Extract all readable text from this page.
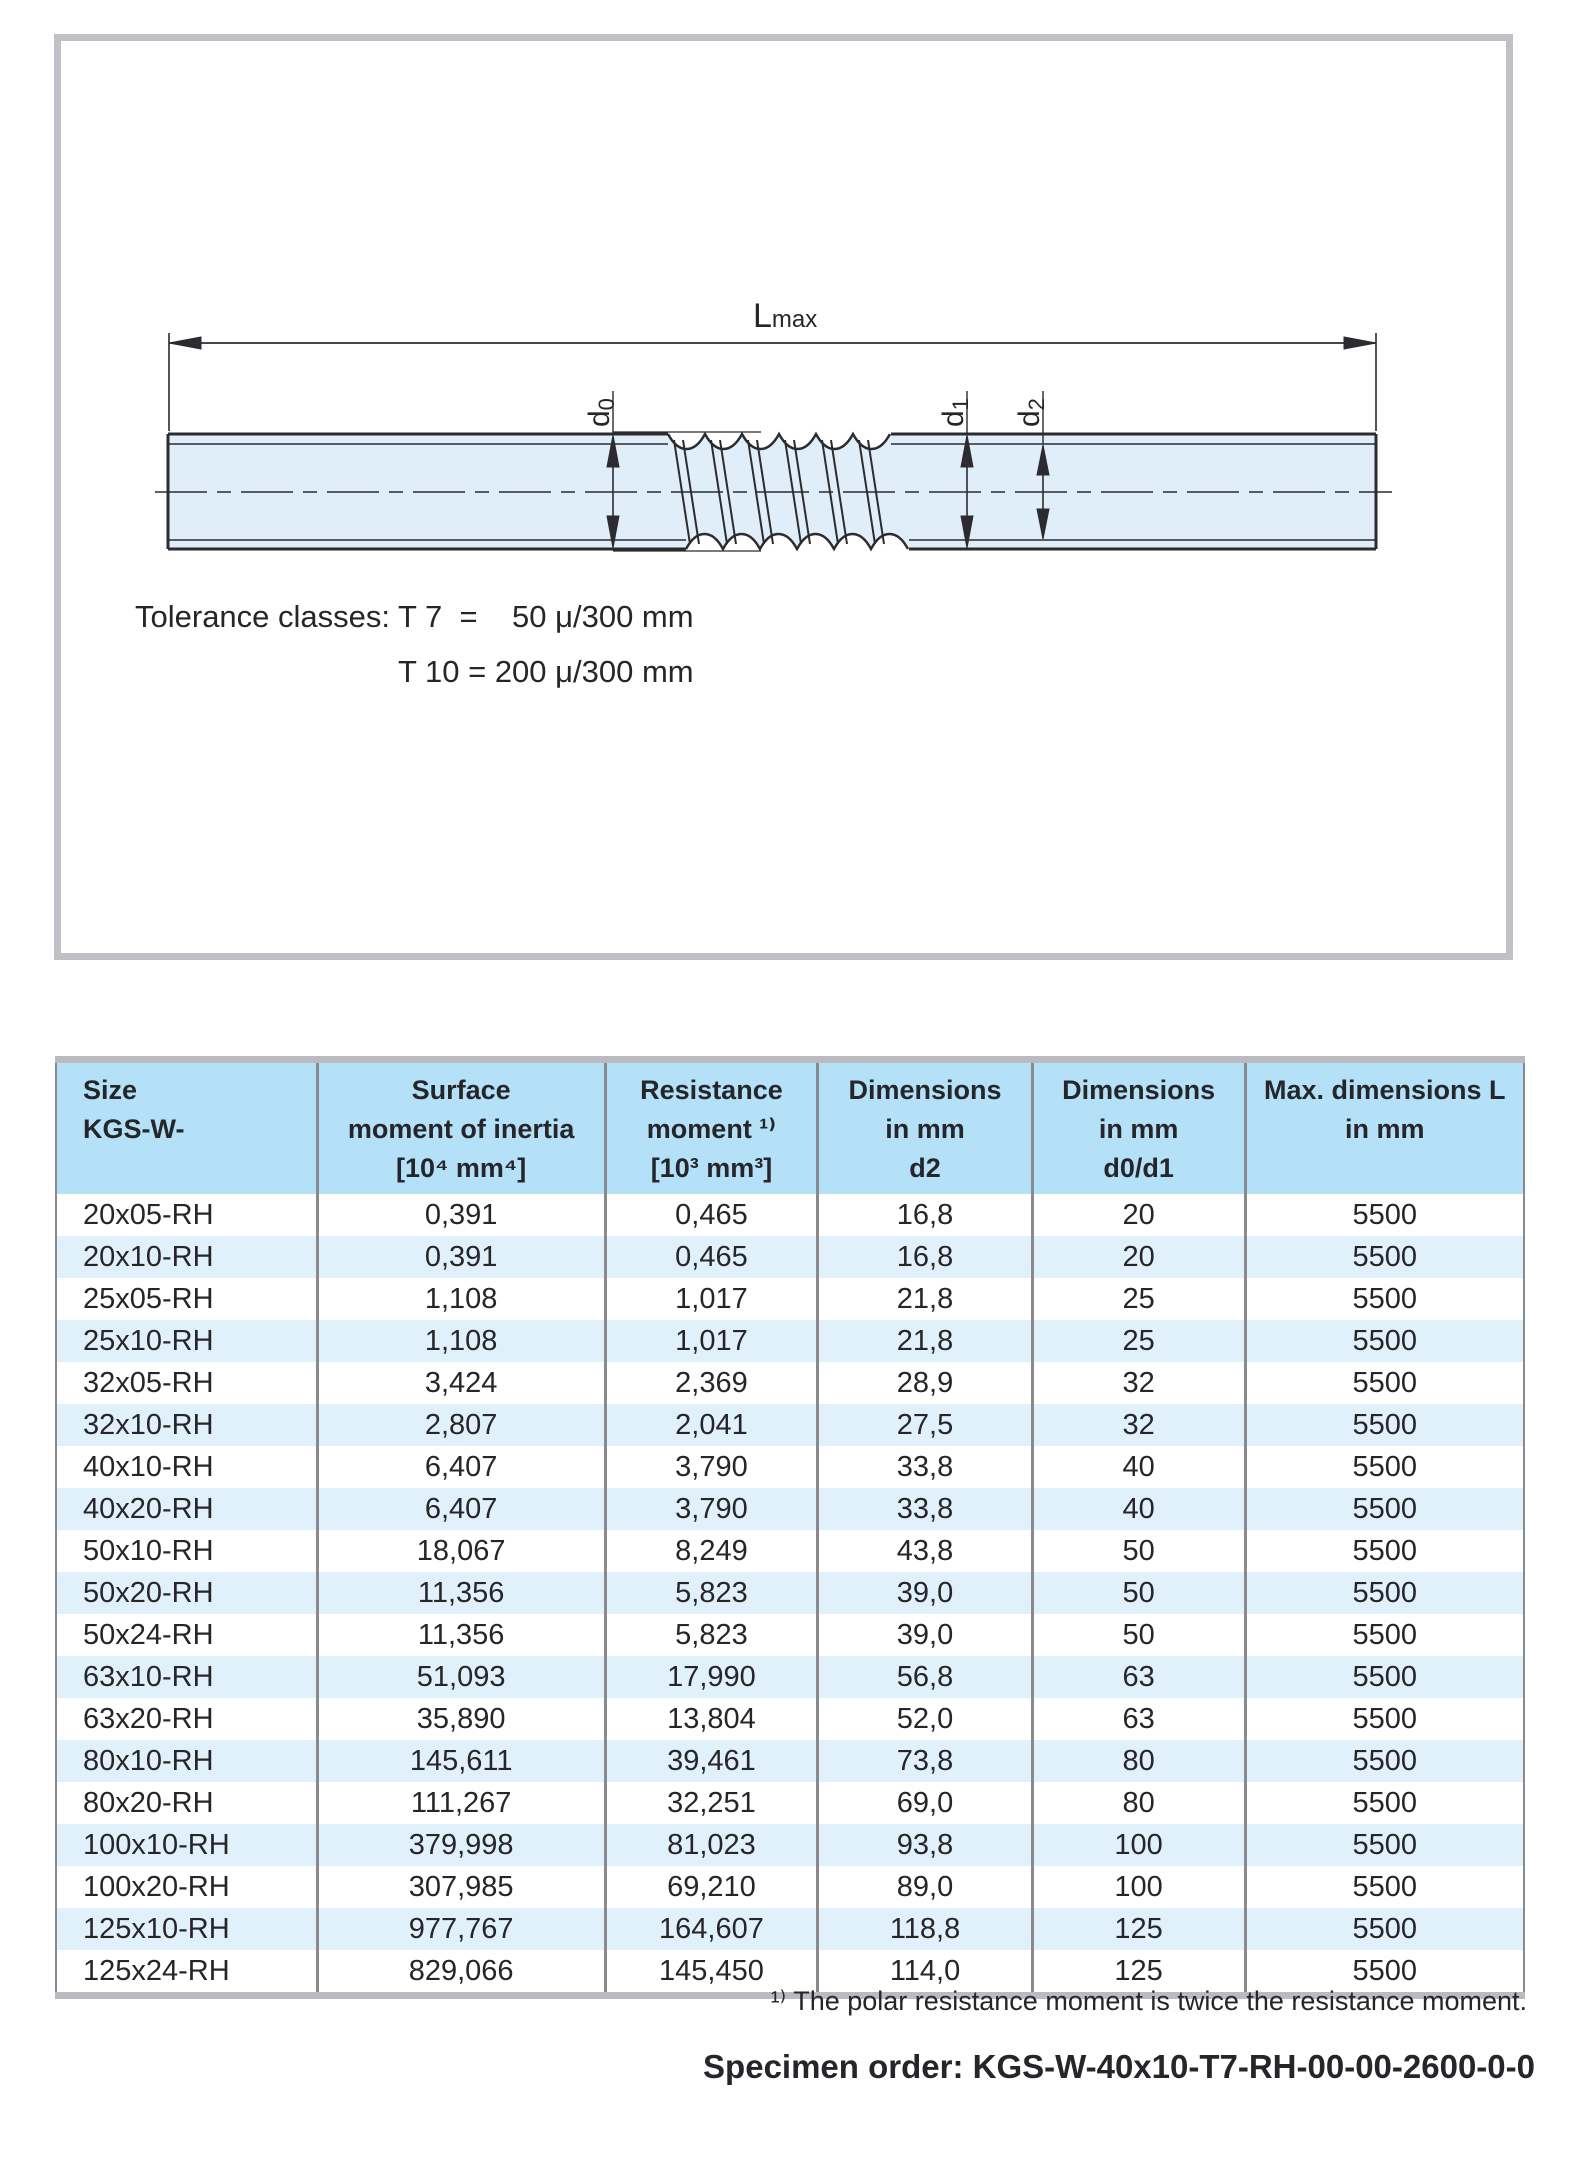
Lmax
d0
d1
d2
Tolerance classes: T 7  =    50 μ/300 mm
T 10 = 200 μ/300 mm
Size
KGS-W-

Surface
moment of inertia
[10⁴ mm⁴]

Resistance
moment ¹⁾
[10³ mm³]

Dimensions
in mm
d2

Dimensions
in mm
d0/d1

Max. dimensions L
in mm

20x05-RH	0,391	0,465	16,8	20	5500
20x10-RH	0,391	0,465	16,8	20	5500
25x05-RH	1,108	1,017	21,8	25	5500
25x10-RH	1,108	1,017	21,8	25	5500
32x05-RH	3,424	2,369	28,9	32	5500
32x10-RH	2,807	2,041	27,5	32	5500
40x10-RH	6,407	3,790	33,8	40	5500
40x20-RH	6,407	3,790	33,8	40	5500
50x10-RH	18,067	8,249	43,8	50	5500
50x20-RH	11,356	5,823	39,0	50	5500
50x24-RH	11,356	5,823	39,0	50	5500
63x10-RH	51,093	17,990	56,8	63	5500
63x20-RH	35,890	13,804	52,0	63	5500
80x10-RH	145,611	39,461	73,8	80	5500
80x20-RH	111,267	32,251	69,0	80	5500
100x10-RH	379,998	81,023	93,8	100	5500
100x20-RH	307,985	69,210	89,0	100	5500
125x10-RH	977,767	164,607	118,8	125	5500
125x24-RH	829,066	145,450	114,0	125	5500
¹⁾ The polar resistance moment is twice the resistance moment.
Specimen order: KGS-W-40x10-T7-RH-00-00-2600-0-0
